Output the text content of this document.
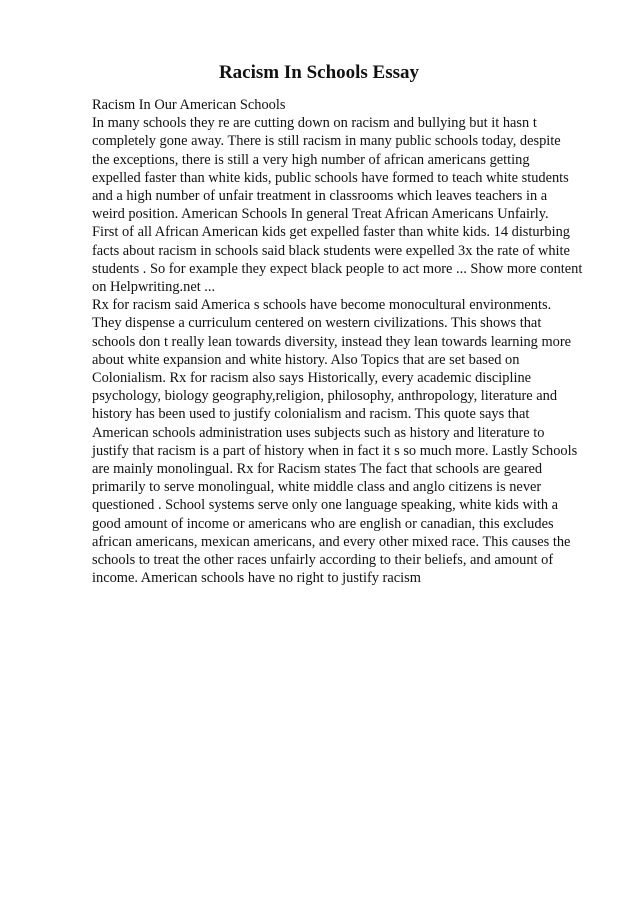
Racism In Schools Essay
Racism In Our American Schools
In many schools they re are cutting down on racism and bullying but it hasn t
completely gone away. There is still racism in many public schools today, despite
the exceptions, there is still a very high number of african americans getting
expelled faster than white kids, public schools have formed to teach white students
and a high number of unfair treatment in classrooms which leaves teachers in a
weird position. American Schools In general Treat African Americans Unfairly.
First of all African American kids get expelled faster than white kids. 14 disturbing
facts about racism in schools said black students were expelled 3x the rate of white
students . So for example they expect black people to act more ... Show more content
on Helpwriting.net ...
Rx for racism said America s schools have become monocultural environments.
They dispense a curriculum centered on western civilizations. This shows that
schools don t really lean towards diversity, instead they lean towards learning more
about white expansion and white history. Also Topics that are set based on
Colonialism. Rx for racism also says Historically, every academic discipline
psychology, biology geography,religion, philosophy, anthropology, literature and
history has been used to justify colonialism and racism. This quote says that
American schools administration uses subjects such as history and literature to
justify that racism is a part of history when in fact it s so much more. Lastly Schools
are mainly monolingual. Rx for Racism states The fact that schools are geared
primarily to serve monolingual, white middle class and anglo citizens is never
questioned . School systems serve only one language speaking, white kids with a
good amount of income or americans who are english or canadian, this excludes
african americans, mexican americans, and every other mixed race. This causes the
schools to treat the other races unfairly according to their beliefs, and amount of
income. American schools have no right to justify racism
